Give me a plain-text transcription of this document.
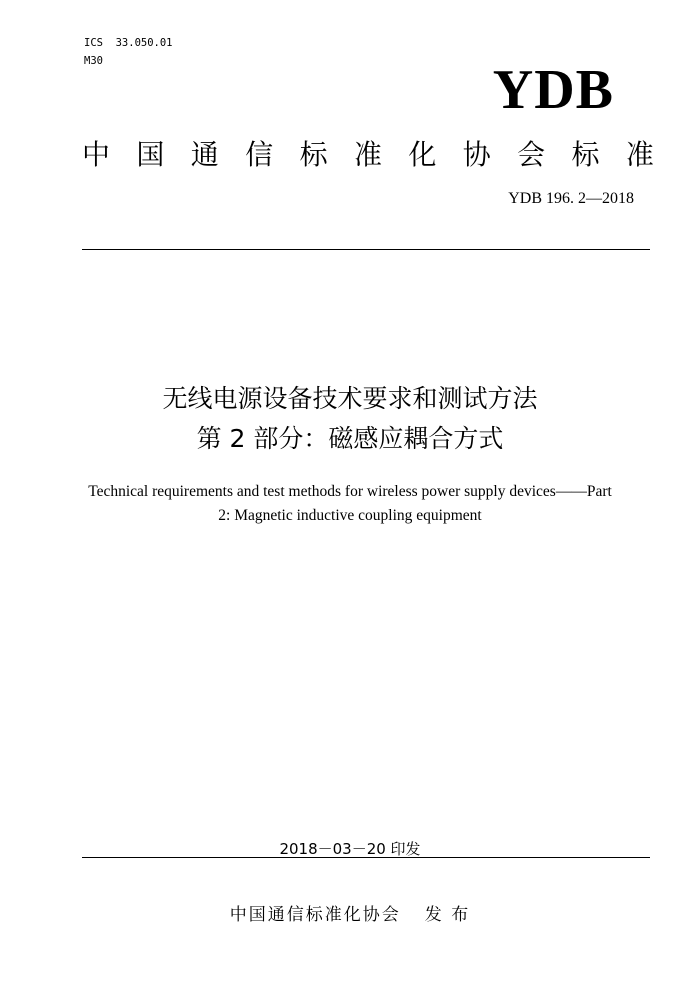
ICS  33.050.01
M30	YDB
中 国 通 信 标 准 化 协 会 标 准
YDB 196. 2—2018
无线电源设备技术要求和测试方法
第 2 部分：磁感应耦合方式
Technical requirements and test methods for wireless power supply devices——Part
2: Magnetic inductive coupling equipment
2018－03－20 印发
中国通信标准化协会 发 布
